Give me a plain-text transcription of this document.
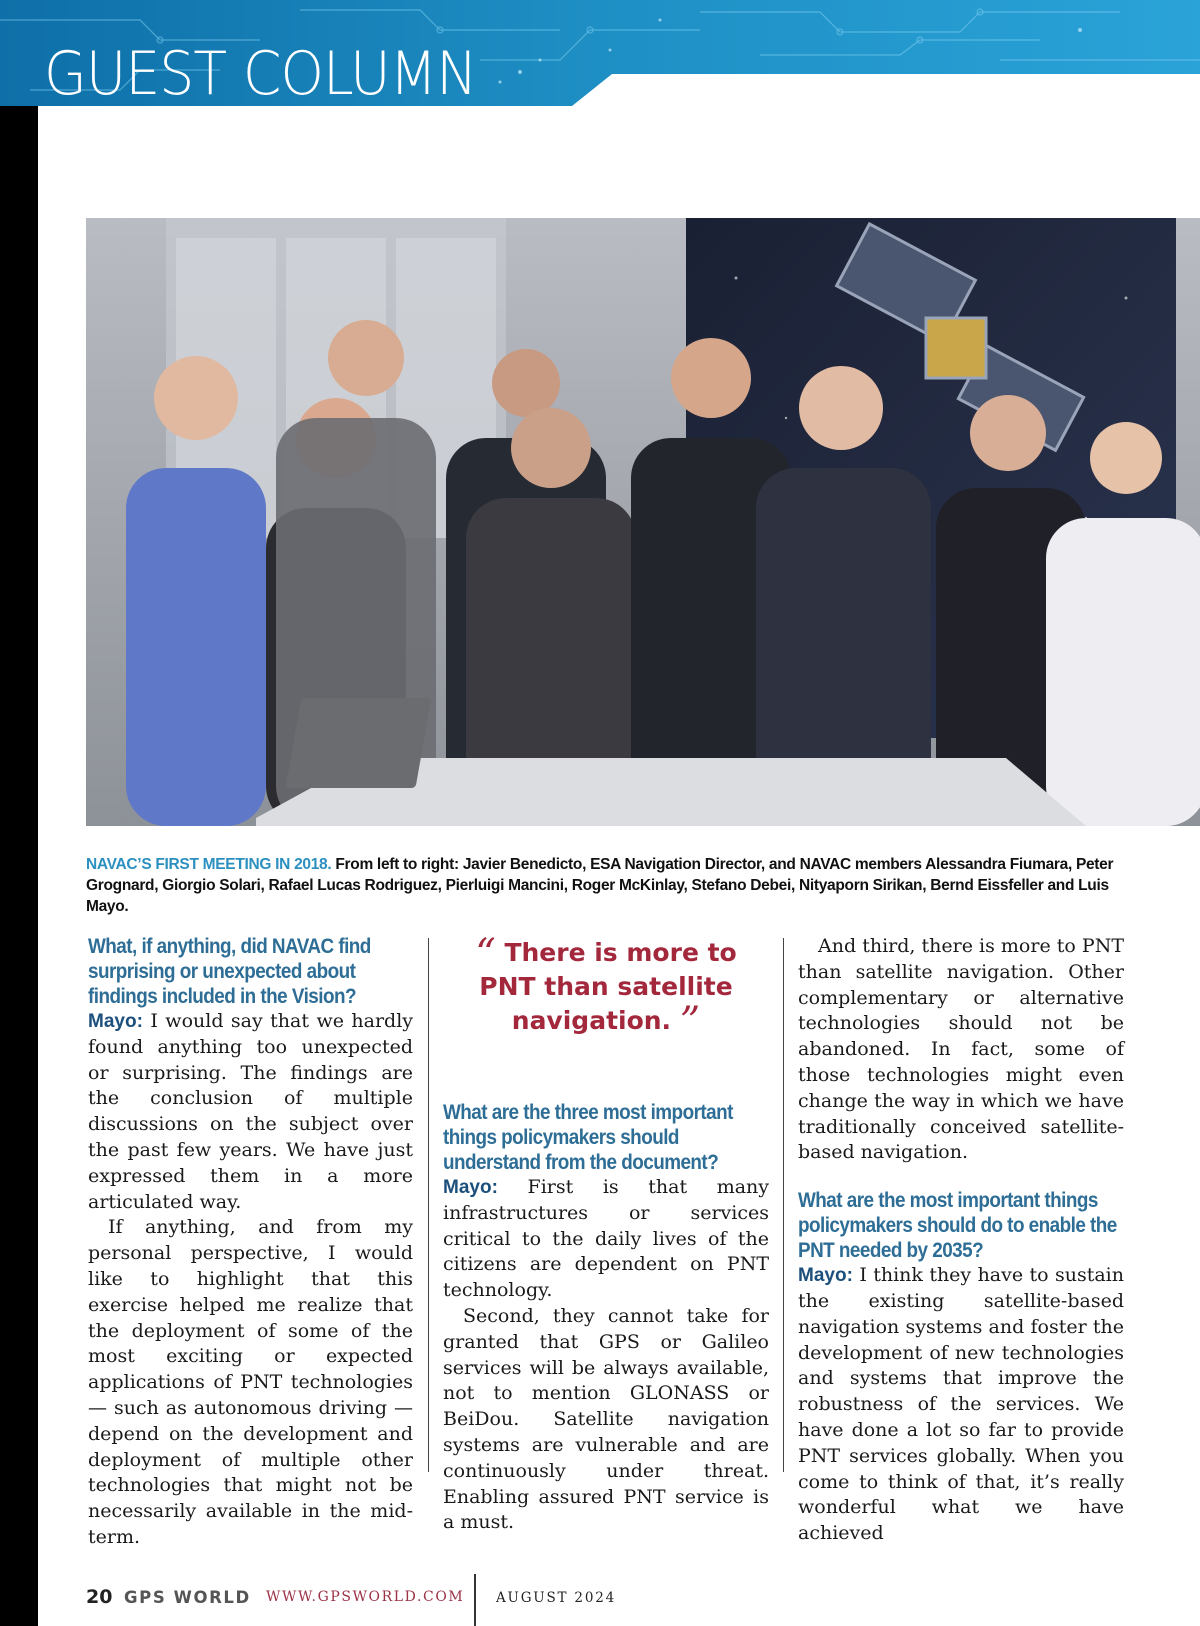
GUEST COLUMN
NAVAC’S FIRST MEETING IN 2018. From left to right: Javier Benedicto, ESA Navigation Director, and NAVAC members Alessandra Fiumara, Peter Grognard, Giorgio Solari, Rafael Lucas Rodriguez, Pierluigi Mancini, Roger McKinlay, Stefano Debei, Nityaporn Sirikan, Bernd Eissfeller and Luis Mayo.
What, if anything, did NAVAC find surprising or unexpected about findings included in the Vision?

Mayo: I would say that we hardly found anything too unexpected or surprising. The findings are the conclusion of multiple discussions on the subject over the past few years. We have just expressed them in a more articulated way.

If anything, and from my personal perspective, I would like to highlight that this exercise helped me realize that the deployment of some of the most exciting or expected applications of PNT technologies — such as autonomous driving — depend on the development and deployment of multiple other technologies that might not be necessarily available in the mid-term.

“ There is more to PNT than satellite navigation. ”
What are the three most important things policymakers should understand from the document?

Mayo: First is that many infrastructures or services critical to the daily lives of the citizens are dependent on PNT technology.

Second, they cannot take for granted that GPS or Galileo services will be always available, not to mention GLONASS or BeiDou. Satellite navigation systems are vulnerable and are continuously under threat. Enabling assured PNT service is a must.

And third, there is more to PNT than satellite navigation. Other complementary or alternative technologies should not be abandoned. In fact, some of those technologies might even change the way in which we have traditionally conceived satellite-based navigation.

What are the most important things policymakers should do to enable the PNT needed by 2035?

Mayo: I think they have to sustain the existing satellite-based navigation systems and foster the development of new technologies and systems that improve the robustness of the services. We have done a lot so far to provide PNT services globally. When you come to think of that, it’s really wonderful what we have achieved

20 GPS WORLD WWW.GPSWORLD.COM AUGUST 2024
